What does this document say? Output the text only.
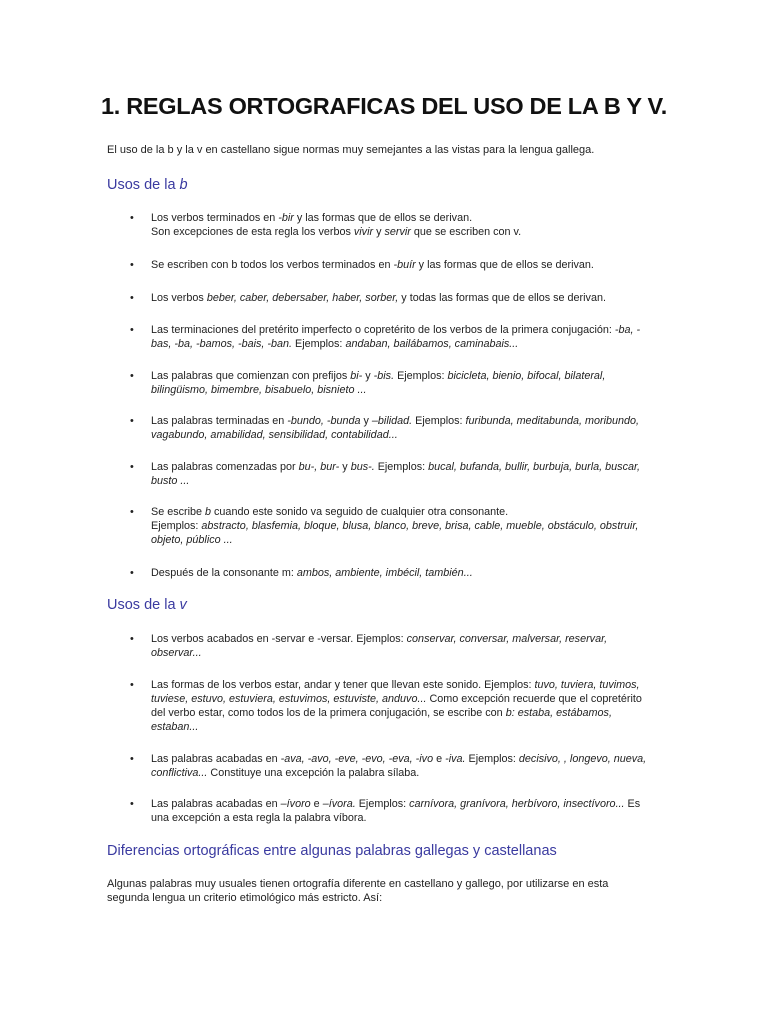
1. REGLAS ORTOGRAFICAS DEL USO DE LA B Y V.
El uso de la b y la v en castellano sigue normas muy semejantes a las vistas para la lengua gallega.
Usos de la b
• Los verbos terminados en -bir y las formas que de ellos se derivan.
Son excepciones de esta regla los verbos vivir y servir que se escriben con v.
• Se escriben con b todos los verbos terminados en -buír y las formas que de ellos se derivan.
• Los verbos beber, caber, debersaber, haber, sorber, y todas las formas que de ellos se derivan.
• Las terminaciones del pretérito imperfecto o copretérito de los verbos de la primera conjugación: -ba, -bas, -ba, -bamos, -bais, -ban. Ejemplos: andaban, bailábamos, caminabais...
• Las palabras que comienzan con prefijos bi- y -bis. Ejemplos: bicicleta, bienio, bifocal, bilateral, bilingüismo, bimembre, bisabuelo, bisnieto ...
• Las palabras terminadas en -bundo, -bunda y –bilidad. Ejemplos: furibunda, meditabunda, moribundo, vagabundo, amabilidad, sensibilidad, contabilidad...
• Las palabras comenzadas por bu-, bur- y bus-. Ejemplos: bucal, bufanda, bullir, burbuja, burla, buscar, busto ...
• Se escribe b cuando este sonido va seguido de cualquier otra consonante.
Ejemplos: abstracto, blasfemia, bloque, blusa, blanco, breve, brisa, cable, mueble, obstáculo, obstruir, objeto, público ...
• Después de la consonante m: ambos, ambiente, imbécil, también...
Usos de la v
• Los verbos acabados en -servar e -versar. Ejemplos: conservar, conversar, malversar, reservar, observar...
• Las formas de los verbos estar, andar y tener que llevan este sonido. Ejemplos: tuvo, tuviera, tuvimos, tuviese, estuvo, estuviera, estuvimos, estuviste, anduvo... Como excepción recuerde que el copretérito del verbo estar, como todos los de la primera conjugación, se escribe con b: estaba, estábamos, estaban...
• Las palabras acabadas en -ava, -avo, -eve, -evo, -eva, -ivo e -iva. Ejemplos: decisivo, , longevo, nueva, conflictiva... Constituye una excepción la palabra sílaba.
• Las palabras acabadas en –ívoro e –ívora. Ejemplos: carnívora, granívora, herbívoro, insectívoro... Es una excepción a esta regla la palabra víbora.
Diferencias ortográficas entre algunas palabras gallegas y castellanas
Algunas palabras muy usuales tienen ortografía diferente en castellano y gallego, por utilizarse en esta segunda lengua un criterio etimológico más estricto. Así:
